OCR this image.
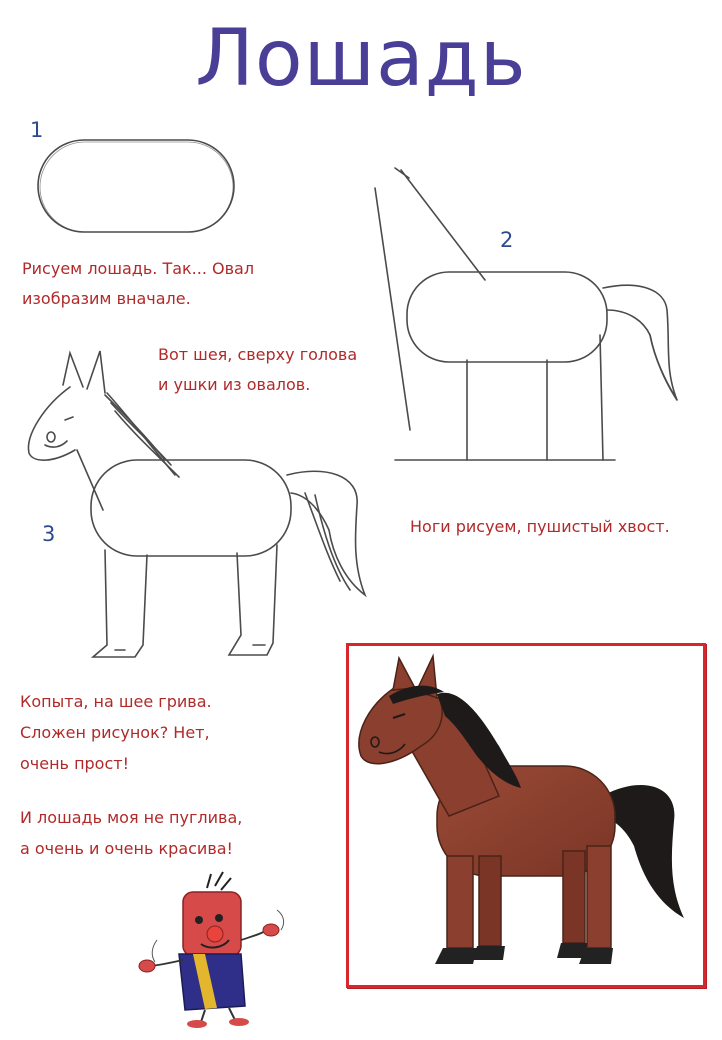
Лошадь
1
2
3
Рисуем лошадь. Так... Овал
изобразим вначале.
Вот шея, сверху голова
и ушки из овалов.
Ноги рисуем, пушистый хвост.
Копыта, на шее грива.
Сложен рисунок? Нет,
очень прост!
И лошадь моя не пуглива,
а очень и очень красива!
